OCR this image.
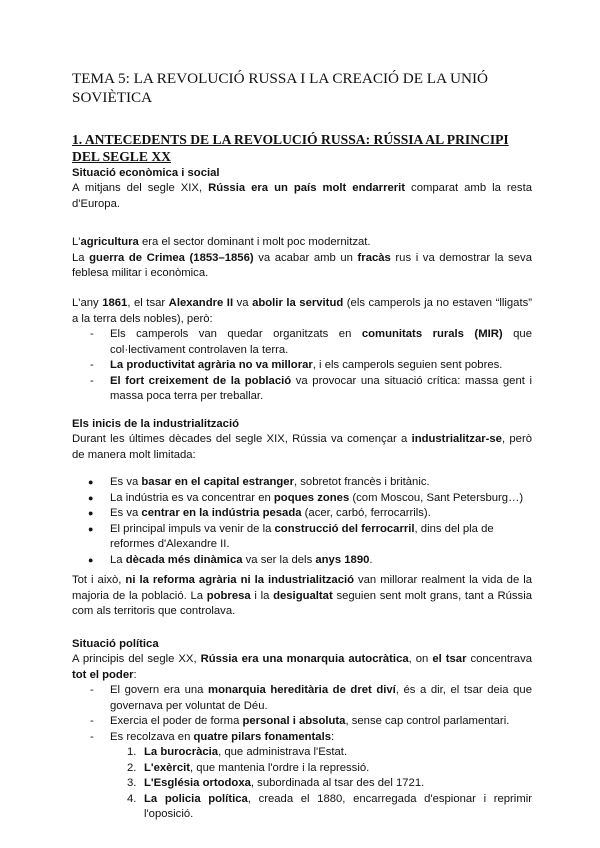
TEMA 5: LA REVOLUCIÓ RUSSA I LA CREACIÓ DE LA UNIÓ SOVIÈTICA
1. ANTECEDENTS DE LA REVOLUCIÓ RUSSA: RÚSSIA AL PRINCIPI DEL SEGLE XX
Situació econòmica i social

A mitjans del segle XIX, Rússia era un país molt endarrerit comparat amb la resta d'Europa.

L'agricultura era el sector dominant i molt poc modernitzat.

La guerra de Crimea (1853–1856) va acabar amb un fracàs rus i va demostrar la seva feblesa militar i econòmica.

L'any 1861, el tsar Alexandre II va abolir la servitud (els camperols ja no estaven “lligats” a la terra dels nobles), però:

- Els camperols van quedar organitzats en comunitats rurals (MIR) que col·lectivament controlaven la terra.
- La productivitat agrària no va millorar, i els camperols seguien sent pobres.
- El fort creixement de la població va provocar una situació crítica: massa gent i massa poca terra per treballar.
Els inicis de la industrialització

Durant les últimes dècades del segle XIX, Rússia va començar a industrialitzar-se, però de manera molt limitada:

● Es va basar en el capital estranger, sobretot francès i britànic.
● La indústria es va concentrar en poques zones (com Moscou, Sant Petersburg…)
● Es va centrar en la indústria pesada (acer, carbó, ferrocarrils).
● El principal impuls va venir de la construcció del ferrocarril, dins del pla de reformes d'Alexandre II.
● La dècada més dinàmica va ser la dels anys 1890.

Tot i això, ni la reforma agrària ni la industrialització van millorar realment la vida de la majoria de la població. La pobresa i la desigualtat seguien sent molt grans, tant a Rússia com als territoris que controlava.

Situació política

A principis del segle XX, Rússia era una monarquia autocràtica, on el tsar concentrava tot el poder:

- El govern era una monarquia hereditària de dret diví, és a dir, el tsar deia que governava per voluntat de Déu.
- Exercia el poder de forma personal i absoluta, sense cap control parlamentari.
- Es recolzava en quatre pilars fonamentals:
1. La burocràcia, que administrava l'Estat.
2. L'exèrcit, que mantenia l'ordre i la repressió.
3. L'Església ortodoxa, subordinada al tsar des del 1721.
4. La policia política, creada el 1880, encarregada d'espionar i reprimir l'oposició.
